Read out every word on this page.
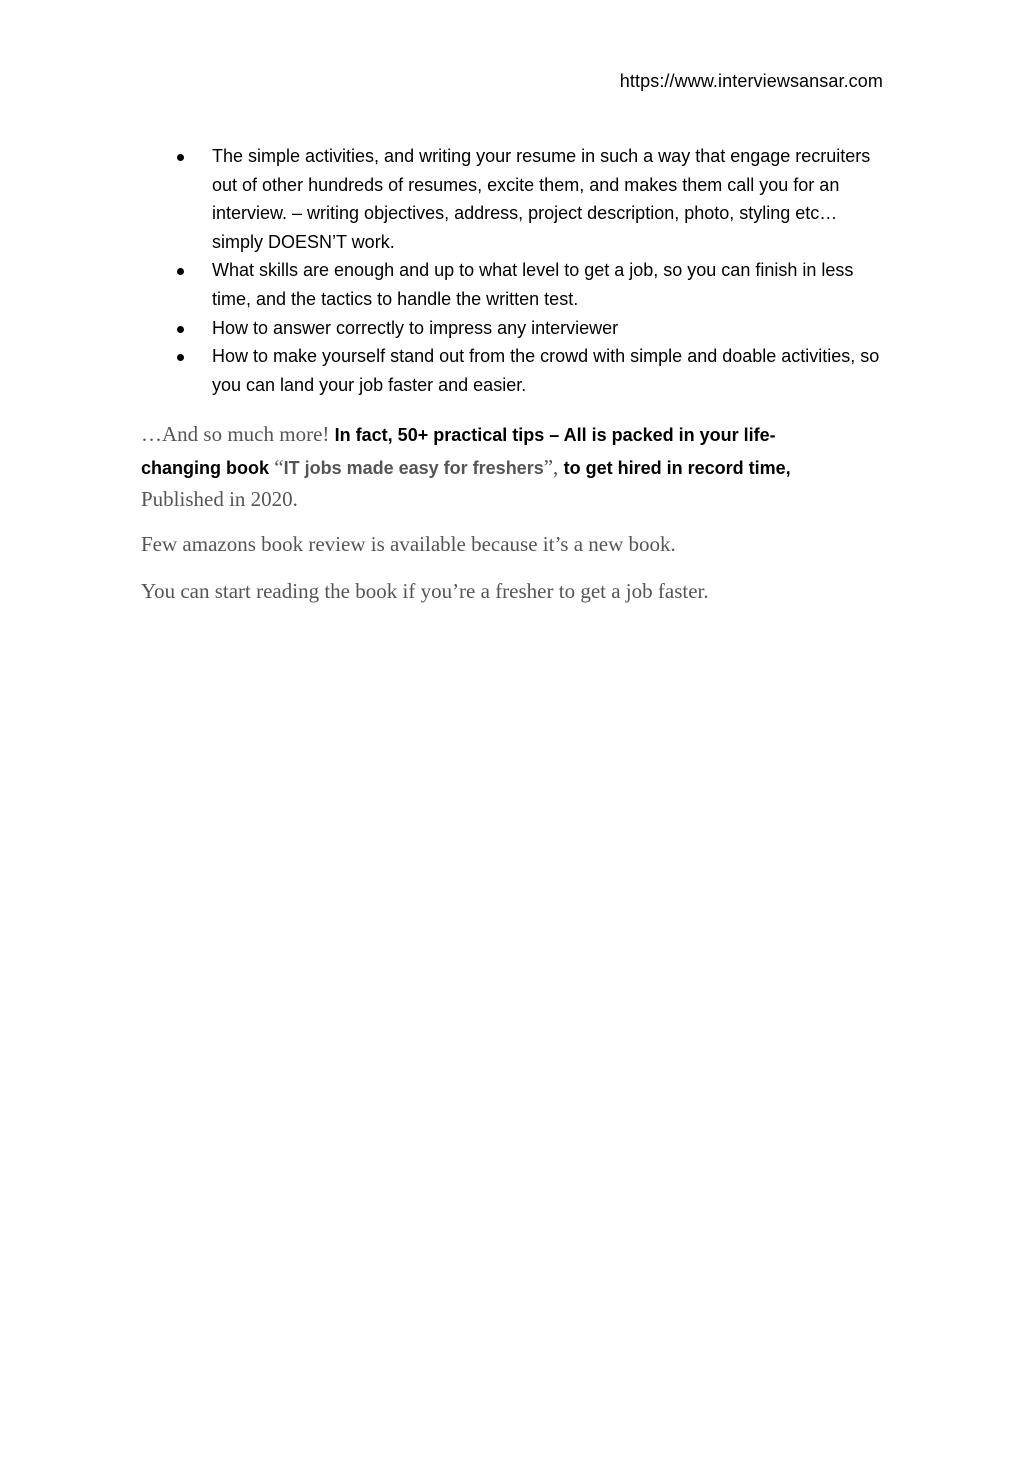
https://www.interviewsansar.com
The simple activities, and writing your resume in such a way that engage recruiters out of other hundreds of resumes, excite them, and makes them call you for an interview. – writing objectives, address, project description, photo, styling etc… simply DOESN’T work.
What skills are enough and up to what level to get a job, so you can finish in less time, and the tactics to handle the written test.
How to answer correctly to impress any interviewer
How to make yourself stand out from the crowd with simple and doable activities, so you can land your job faster and easier.

…And so much more! In fact, 50+ practical tips – All is packed in your life-changing book “IT jobs made easy for freshers”, to get hired in record time, Published in 2020.

Few amazons book review is available because it’s a new book.

You can start reading the book if you’re a fresher to get a job faster.
